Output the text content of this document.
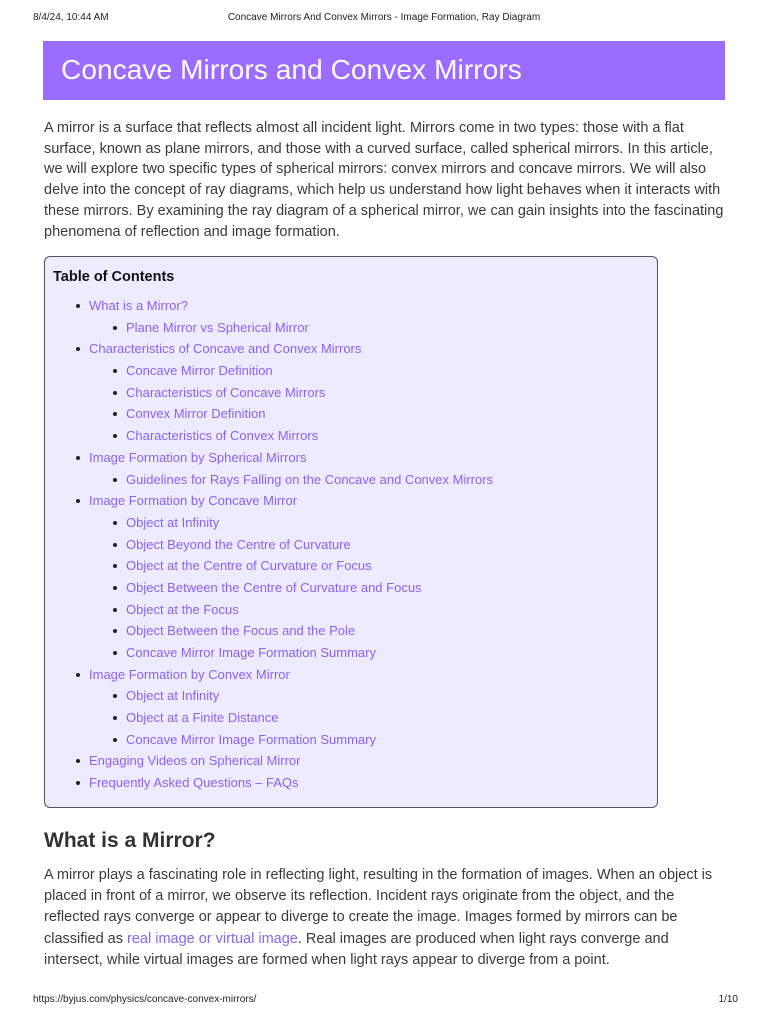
8/4/24, 10:44 AM	Concave Mirrors And Convex Mirrors - Image Formation, Ray Diagram
Concave Mirrors and Convex Mirrors

A mirror is a surface that reflects almost all incident light. Mirrors come in two types: those with a flat surface, known as plane mirrors, and those with a curved surface, called spherical mirrors. In this article, we will explore two specific types of spherical mirrors: convex mirrors and concave mirrors. We will also delve into the concept of ray diagrams, which help us understand how light behaves when it interacts with these mirrors. By examining the ray diagram of a spherical mirror, we can gain insights into the fascinating phenomena of reflection and image formation.

Table of Contents
What is a Mirror?
Plane Mirror vs Spherical Mirror
Characteristics of Concave and Convex Mirrors
Concave Mirror Definition
Characteristics of Concave Mirrors
Convex Mirror Definition
Characteristics of Convex Mirrors
Image Formation by Spherical Mirrors
Guidelines for Rays Falling on the Concave and Convex Mirrors
Image Formation by Concave Mirror
Object at Infinity
Object Beyond the Centre of Curvature
Object at the Centre of Curvature or Focus
Object Between the Centre of Curvature and Focus
Object at the Focus
Object Between the Focus and the Pole
Concave Mirror Image Formation Summary
Image Formation by Convex Mirror
Object at Infinity
Object at a Finite Distance
Concave Mirror Image Formation Summary
Engaging Videos on Spherical Mirror
Frequently Asked Questions – FAQs
What is a Mirror?

A mirror plays a fascinating role in reflecting light, resulting in the formation of images. When an object is placed in front of a mirror, we observe its reflection. Incident rays originate from the object, and the reflected rays converge or appear to diverge to create the image. Images formed by mirrors can be classified as real image or virtual image. Real images are produced when light rays converge and intersect, while virtual images are formed when light rays appear to diverge from a point.

https://byjus.com/physics/concave-convex-mirrors/	1/10
